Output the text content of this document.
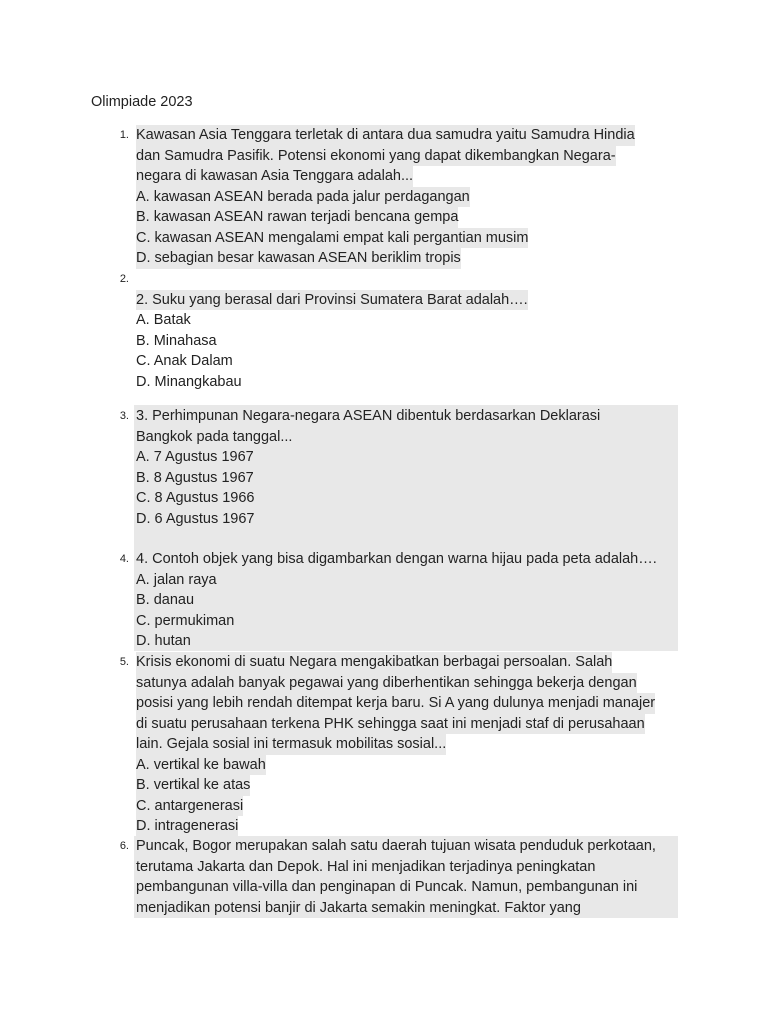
Olimpiade 2023
1. Kawasan Asia Tenggara terletak di antara dua samudra yaitu Samudra Hindia
dan Samudra Pasifik. Potensi ekonomi yang dapat dikembangkan Negara-
negara di kawasan Asia Tenggara adalah...
A. kawasan ASEAN berada pada jalur perdagangan
B. kawasan ASEAN rawan terjadi bencana gempa
C. kawasan ASEAN mengalami empat kali pergantian musim
D. sebagian besar kawasan ASEAN beriklim tropis
2.
2. Suku yang berasal dari Provinsi Sumatera Barat adalah….
A. Batak
B. Minahasa
C. Anak Dalam
D. Minangkabau
3. 3. Perhimpunan Negara-negara ASEAN dibentuk berdasarkan Deklarasi
Bangkok pada tanggal...
A. 7 Agustus 1967
B. 8 Agustus 1967
C. 8 Agustus 1966
D. 6 Agustus 1967
4. 4. Contoh objek yang bisa digambarkan dengan warna hijau pada peta adalah….
A. jalan raya
B. danau
C. permukiman
D. hutan
5. Krisis ekonomi di suatu Negara mengakibatkan berbagai persoalan. Salah
satunya adalah banyak pegawai yang diberhentikan sehingga bekerja dengan
posisi yang lebih rendah ditempat kerja baru. Si A yang dulunya menjadi manajer
di suatu perusahaan terkena PHK sehingga saat ini menjadi staf di perusahaan
lain. Gejala sosial ini termasuk mobilitas sosial...
A. vertikal ke bawah
B. vertikal ke atas
C. antargenerasi
D. intragenerasi
6. Puncak, Bogor merupakan salah satu daerah tujuan wisata penduduk perkotaan,
terutama Jakarta dan Depok. Hal ini menjadikan terjadinya peningkatan
pembangunan villa-villa dan penginapan di Puncak. Namun, pembangunan ini
menjadikan potensi banjir di Jakarta semakin meningkat. Faktor yang
